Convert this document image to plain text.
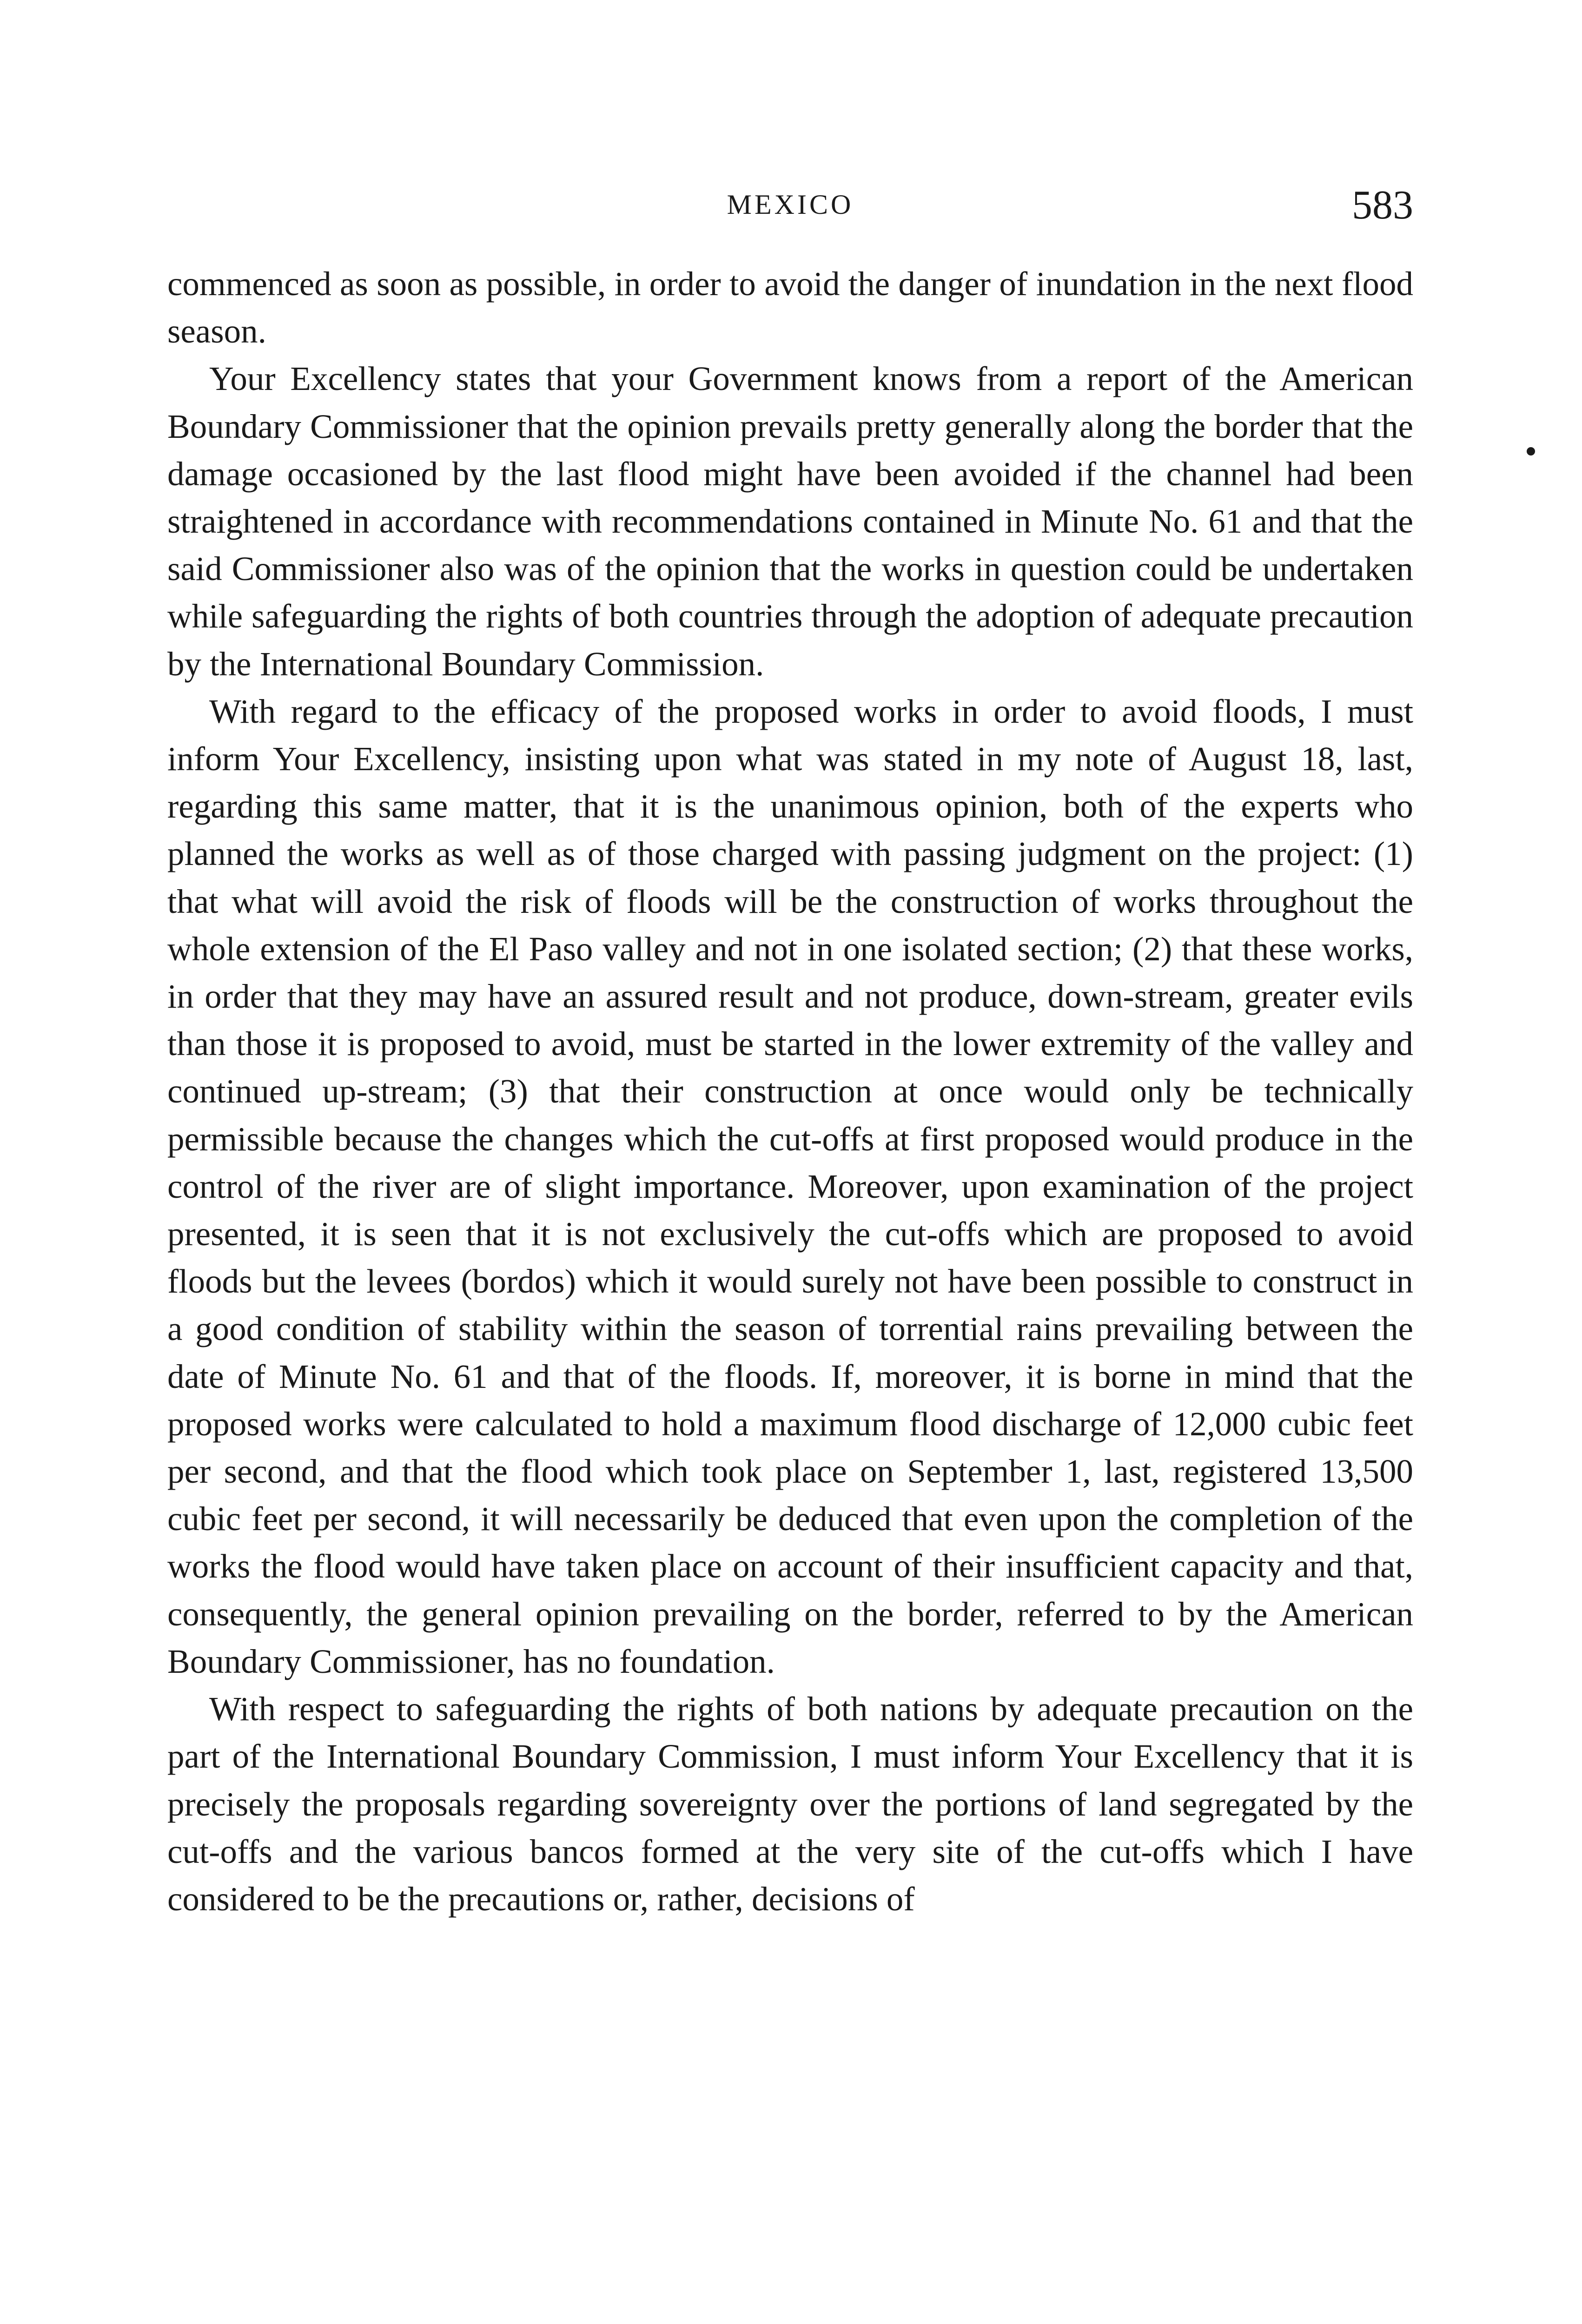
MEXICO	583

commenced as soon as possible, in order to avoid the danger of inundation in the next flood season.

Your Excellency states that your Government knows from a report of the American Boundary Commissioner that the opinion prevails pretty generally along the border that the damage occasioned by the last flood might have been avoided if the channel had been straightened in accordance with recommendations contained in Minute No. 61 and that the said Commissioner also was of the opinion that the works in question could be undertaken while safeguarding the rights of both countries through the adoption of adequate precaution by the International Boundary Commission.

With regard to the efficacy of the proposed works in order to avoid floods, I must inform Your Excellency, insisting upon what was stated in my note of August 18, last, regarding this same matter, that it is the unanimous opinion, both of the experts who planned the works as well as of those charged with passing judgment on the project: (1) that what will avoid the risk of floods will be the construction of works throughout the whole extension of the El Paso valley and not in one isolated section; (2) that these works, in order that they may have an assured result and not produce, down-stream, greater evils than those it is proposed to avoid, must be started in the lower extremity of the valley and continued up-stream; (3) that their construction at once would only be technically permissible because the changes which the cut-offs at first proposed would produce in the control of the river are of slight importance. Moreover, upon examination of the project presented, it is seen that it is not exclusively the cut-offs which are proposed to avoid floods but the levees (bordos) which it would surely not have been possible to construct in a good condition of stability within the season of torrential rains prevailing between the date of Minute No. 61 and that of the floods. If, moreover, it is borne in mind that the proposed works were calculated to hold a maximum flood discharge of 12,000 cubic feet per second, and that the flood which took place on September 1, last, registered 13,500 cubic feet per second, it will necessarily be deduced that even upon the completion of the works the flood would have taken place on account of their insufficient capacity and that, consequently, the general opinion prevailing on the border, referred to by the American Boundary Commissioner, has no foundation.

With respect to safeguarding the rights of both nations by adequate precaution on the part of the International Boundary Commission, I must inform Your Excellency that it is precisely the proposals regarding sovereignty over the portions of land segregated by the cut-offs and the various bancos formed at the very site of the cut-offs which I have considered to be the precautions or, rather, decisions of
